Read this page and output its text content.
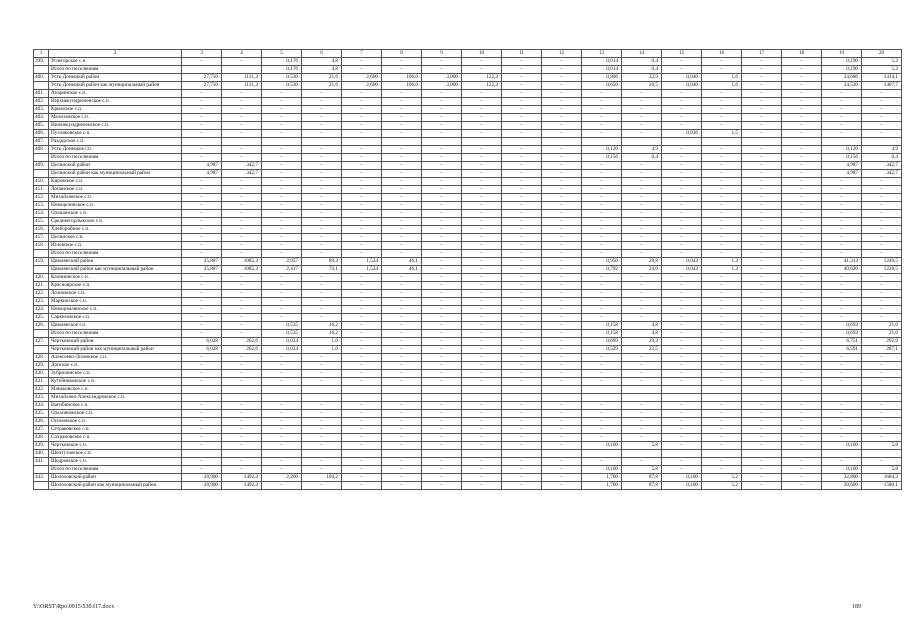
1	2	3	4	5	6	7	8	9	10	11	12	13	14	15	16	17	18	19	20	
399.	Углегорское с.п.	–	–	0,176	4,8	–	–	–	–	–	–	0,014	0,4	–	–	–	–	0,190	5,2	
	Итого по поселениям			0,176	4,8	–	–	–	–	–	–	0,014	0,4	–	–	–	–	0,190	5,2	
400.	Усть-Донецкий район	27,750	1131,3	0,530	21,6	2,600	106,0	3,000	122,3	–	–	0,806	32,9	0,040	1,6	–	–	34,686	1414,1	
	Усть-Донецкий район как муниципальный район	27,750	1131,3	0,530	21,6	2,600	106,0	3,000	122,3	–	–	0,650	26,5	0,040	1,6	–	–	34,530	1407,7	
401.	Апаринское с.п.	–	–	–	–	–	–	–	–	–	–	–	–	–	–	–	–	–	–	
402.	Верхнекундрюченское с.п.	–	–	–	–	–	–	–	–	–	–	–	–	–	–	–	–	–	–	
403.	Крымское с.п.	–	–	–	–	–	–	–	–	–	–	–	–	–	–	–	–	–	–	
404.	Мелиховское с.п.	–	–	–	–	–	–	–	–	–	–	–	–	–	–	–	–	–	–	
405.	Нижнекундрюченское с.п.	–	–	–	–	–	–	–	–	–	–	–	–	–	–	–	–	–	–	
406.	Пухляковское с.п.	–	–	–	–	–	–	–	–	–	–	–	–	0,036	1,5	–	–	–	–		
407.	Раздорское с.п.																			
408.	Усть-Донецкое г.п.	–	–	–	–	–	–	–	–	–	–	0,120	4,9	–	–	–	–	0,120	4,9	
	Итого по поселениям	–	–	–	–	–	–	–	–	–	–	0,156	6,4	–	–	–	–	0,156	6,4	
409.	Целинский район	4,987	342,7	–	–	–	–	–	–	–	–	–	–	–	–	–	–	4,987	342,7	
	Целинский район как муниципальный район	4,987	342,7	–	–	–	–	–	–	–	–	–	–	–	–	–	–	4,987	342,7	
410.	Кировское с.п.	–	–	–	–	–	–	–	–	–	–	–	–	–	–	–	–	–	–	
411.	Лопанское с.п.	–	–	–	–	–	–	–	–	–	–	–	–	–	–	–	–	–	–	
412.	Михайловское с.п.	–	–	–	–	–	–	–	–	–	–	–	–	–	–	–	–	–	–	
413.	Новоцелинское с.п.	–	–	–	–	–	–	–	–	–	–	–	–	–	–	–	–	–	–	
414.	Ольшанское с.п.	–	–	–	–	–	–	–	–	–	–	–	–	–	–	–	–	–	–	
415.	Среднеегорлыкское с.п.	–	–	–	–	–	–	–	–	–	–	–	–	–	–	–	–	–	–	
416.	Хлеборобное с.п.	–	–	–	–	–	–	–	–	–	–	–	–	–	–	–	–	–	–	
417.	Целинское с.п.	–	–	–	–	–	–	–	–	–	–	–	–	–	–	–	–	–	–	
418.	Юловское с.п.	–	–	–	–	–	–	–	–	–	–	–	–	–	–	–	–	–	–	
	Итого по поселениям	–	–	–	–	–	–	–	–	–	–	–	–	–	–	–	–	–	–	
419.	Цимлянский район	35,887	1085,3	2,957	89,3	1,524	46,1	–	–	–	–	0,950	28,8	0,043	1,3	–	–	41,313	1249,5	
	Цимлянский район как муниципальный район	35,887	1085,3	2,417	73,1	1,524	46,1	–	–	–	–	0,792	24,0	0,043	1,3	–	–	40,620	1228,5	
420.	Калининское с.п.	–	–	–	–	–	–	–	–	–	–	–	–	–	–	–	–	–	–	
421.	Красноярское с.п.	–	–	–	–	–	–	–	–	–	–	–	–	–	–	–	–	–	–	
422.	Лозновское с.п.	–	–	–	–	–	–	–	–	–	–	–	–	–	–	–	–	–	–	
423.	Маркинское с.п.	–	–	–	–	–	–	–	–	–	–	–	–	–	–	–	–	–	–	
424.	Новоцимлянское с.п.	–	–	–	–	–	–	–	–	–	–	–	–	–	–	–	–	–	–	
425.	Саркеловское с.п.	–	–	–	–	–	–	–	–	–	–	–	–	–	–	–	–	–	–	
426.	Цимлянское г.п.	–	–	0,535	16,2	–	–	–	–	–	–	0,158	4,8	–	–	–	–	0,693	21,0	
	Итого по поселениям	–	–	0,535	16,2	–	–	–	–	–	–	0,158	4,8	–	–	–	–	0,693	21,0	
427.	Чертковский район	6,028	262,6	0,024	1,0	–	–	–	–	–	–	0,699	29,3	–	–	–	–	6,751	292,9	
	Чертковский район как муниципальный район	6,028	262,6	0,024	1,0	–	–	–	–	–	–	0,539	23,5	–	–	–	–	6,591	287,1	
428.	Алексеево-Лозовское с.п.	–	–	–	–	–	–	–	–	–	–	–	–	–	–	–	–	–	–	
429.	Донское с.п.	–	–	–	–	–	–	–	–	–	–	–	–	–	–	–	–	–	–	
430.	Зубрилинское с.п.	–	–	–	–	–	–	–	–	–	–	–	–	–	–	–	–	–	–	
431.	Кутейниковское с.п.	–	–	–	–	–	–	–	–	–	–	–	–	–	–	–	–	–	–	
432.	Маньковское с.п.																			
433.	Михайлово-Александровское с.п.																			
434.	Нагибинское с.п.	–	–	–	–	–	–	–	–	–	–	–	–	–	–	–	–	–	–	
435.	Ольховчанское с.п.	–	–	–	–	–	–	–	–	–	–	–	–	–	–	–	–	–	–	
436.	Осиновское с.п.	–	–	–	–	–	–	–	–	–	–	–	–	–	–	–	–	–	–	
437.	Сетраковское с.п.	–	–	–	–	–	–	–	–	–	–	–	–	–	–	–	–	–	–	
438.	Сохрановское с.п.	–	–	–	–	–	–	–	–	–	–	–	–	–	–	–	–	–	–	
439.	Чертковское с.п.	–	–	–	–	–	–	–	–	–	–	0,160	5,8	–	–	–	–	0,160	5,8	
440.	Шептуховское с.п.																			
441.	Щедровское с.п.	–	–	–	–	–	–	–	–	–	–	–	–	–	–	–	–	–	–	
	Итого по поселениям	–	–	–	–	–	–	–	–	–	–	0,160	5,8	–	–	–	–	0,160	5,8	
442.	Шолоховский район	28,900	1492,3	2,200	104,2	–	–	–	–	–	–	1,700	87,8	0,100	5,2	–	–	32,800	1684,3	
	Шолоховский район как муниципальный район	28,900	1492,3	–	–	–	–	–	–	–	–	1,700	87,8	0,100	5,2	–	–	30,600	1580,1	
Y:\ORST\Rpo\0915\530.f17.docx	189
